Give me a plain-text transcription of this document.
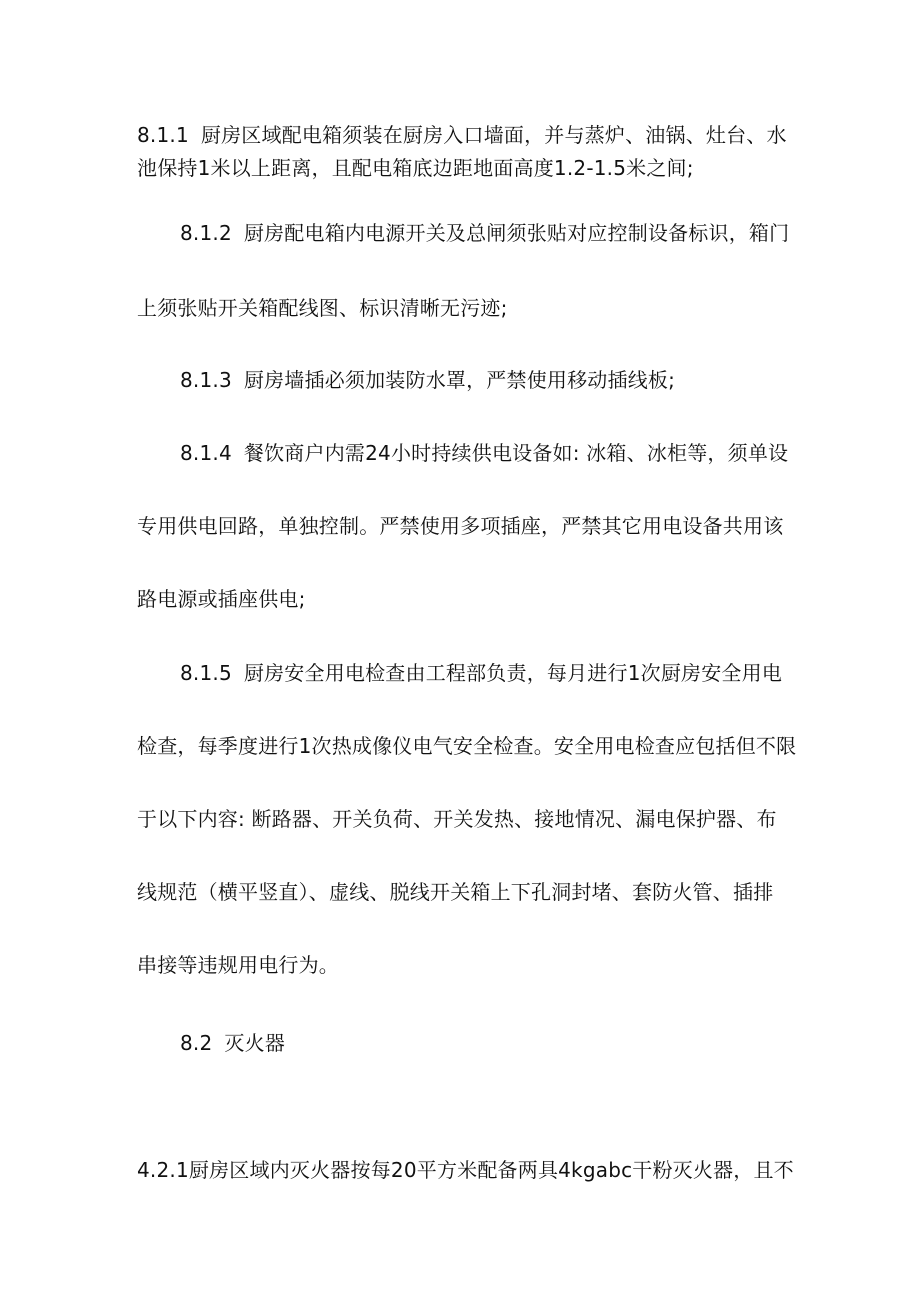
8.1.1 厨房区域配电箱须装在厨房入口墙面，并与蒸炉、油锅、灶台、水
池保持1米以上距离，且配电箱底边距地面高度1.2-1.5米之间;
8.1.2 厨房配电箱内电源开关及总闸须张贴对应控制设备标识，箱门
上须张贴开关箱配线图、标识清晰无污迹;
8.1.3 厨房墙插必须加装防水罩，严禁使用移动插线板;
8.1.4 餐饮商户内需24小时持续供电设备如: 冰箱、冰柜等，须单设
专用供电回路，单独控制。严禁使用多项插座，严禁其它用电设备共用该
路电源或插座供电;
8.1.5 厨房安全用电检查由工程部负责，每月进行1次厨房安全用电
检查，每季度进行1次热成像仪电气安全检查。安全用电检查应包括但不限
于以下内容: 断路器、开关负荷、开关发热、接地情况、漏电保护器、布
线规范（横平竖直）、虚线、脱线开关箱上下孔洞封堵、套防火管、插排
串接等违规用电行为。
8.2 灭火器
4.2.1厨房区域内灭火器按每20平方米配备两具4kgabc干粉灭火器，且不
